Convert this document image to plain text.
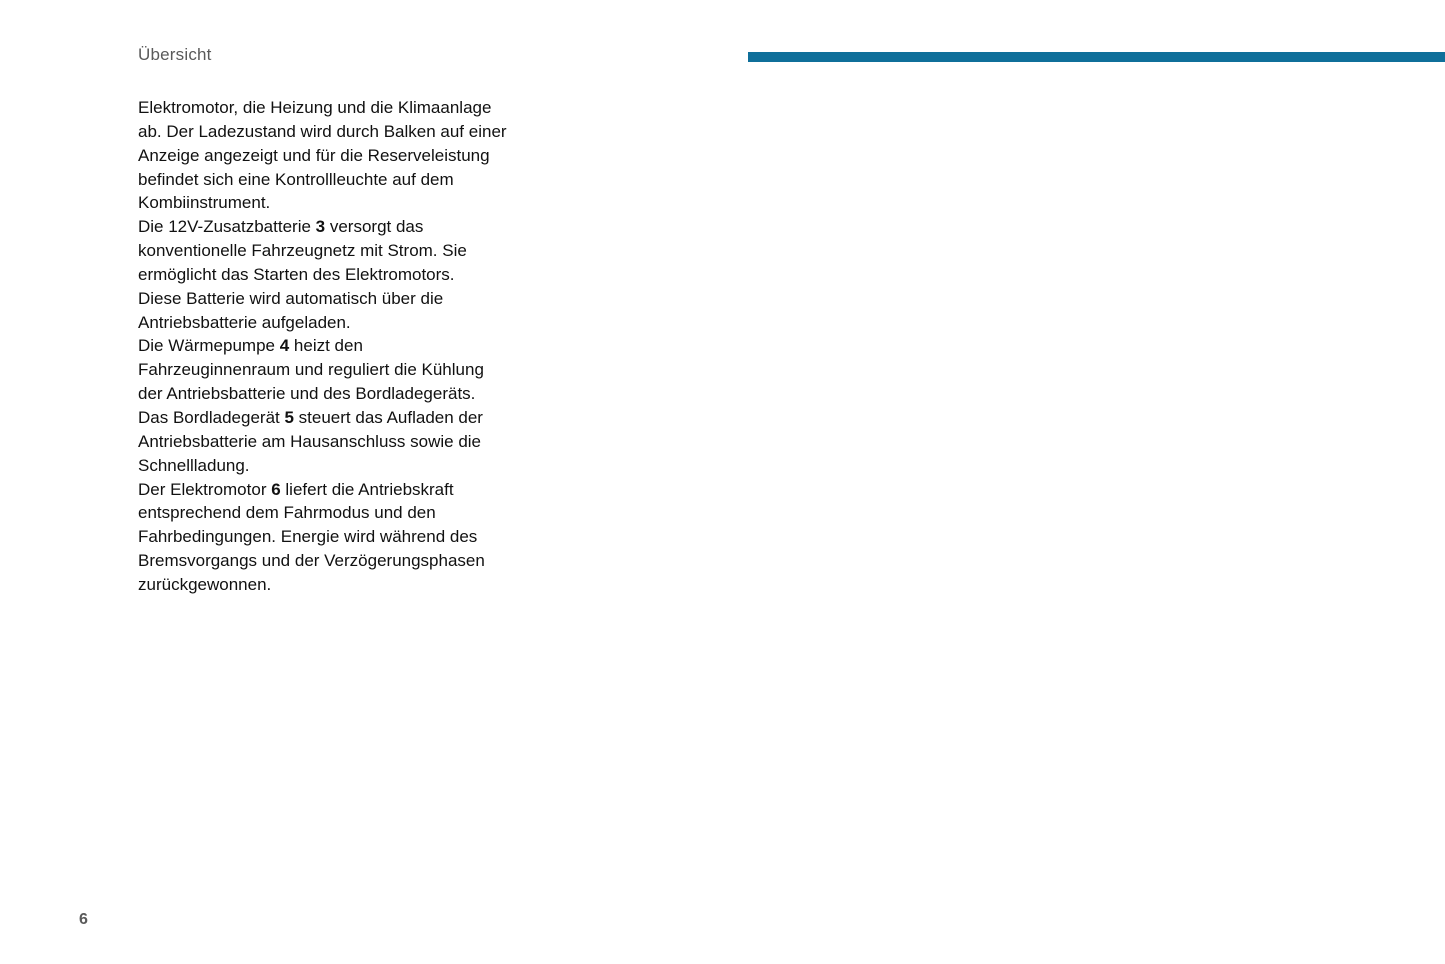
Übersicht

Elektromotor, die Heizung und die Klimaanlage

ab. Der Ladezustand wird durch Balken auf einer

Anzeige angezeigt und für die Reserveleistung

befindet sich eine Kontrollleuchte auf dem

Kombiinstrument.

Die 12V-Zusatzbatterie 3 versorgt das

konventionelle Fahrzeugnetz mit Strom. Sie

ermöglicht das Starten des Elektromotors.

Diese Batterie wird automatisch über die

Antriebsbatterie aufgeladen.

Die Wärmepumpe 4 heizt den

Fahrzeuginnenraum und reguliert die Kühlung

der Antriebsbatterie und des Bordladegeräts.

Das Bordladegerät 5 steuert das Aufladen der

Antriebsbatterie am Hausanschluss sowie die

Schnellladung.

Der Elektromotor 6 liefert die Antriebskraft

entsprechend dem Fahrmodus und den

Fahrbedingungen. Energie wird während des

Bremsvorgangs und der Verzögerungsphasen

zurückgewonnen.

6
